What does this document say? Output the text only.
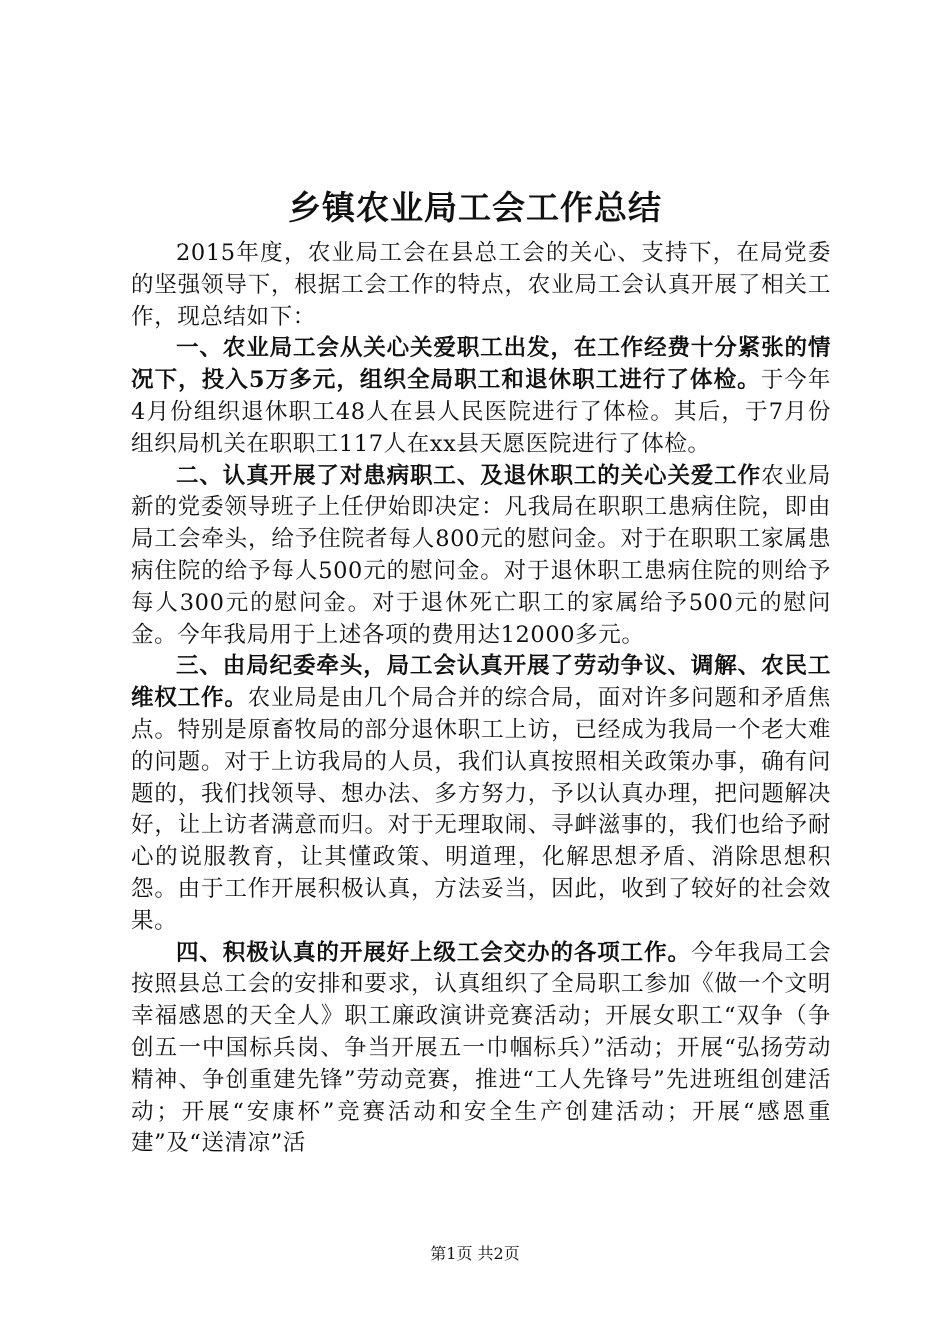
乡镇农业局工会工作总结

2015年度，农业局工会在县总工会的关心、支持下，在局党委的坚强领导下，根据工会工作的特点，农业局工会认真开展了相关工作，现总结如下：

一、农业局工会从关心关爱职工出发，在工作经费十分紧张的情况下，投入5万多元，组织全局职工和退休职工进行了体检。于今年4月份组织退休职工48人在县人民医院进行了体检。其后，于7月份组织局机关在职职工117人在xx县天愿医院进行了体检。

二、认真开展了对患病职工、及退休职工的关心关爱工作农业局新的党委领导班子上任伊始即决定：凡我局在职职工患病住院，即由局工会牵头，给予住院者每人800元的慰问金。对于在职职工家属患病住院的给予每人500元的慰问金。对于退休职工患病住院的则给予每人300元的慰问金。对于退休死亡职工的家属给予500元的慰问金。今年我局用于上述各项的费用达12000多元。

三、由局纪委牵头，局工会认真开展了劳动争议、调解、农民工维权工作。农业局是由几个局合并的综合局，面对许多问题和矛盾焦点。特别是原畜牧局的部分退休职工上访，已经成为我局一个老大难的问题。对于上访我局的人员，我们认真按照相关政策办事，确有问题的，我们找领导、想办法、多方努力，予以认真办理，把问题解决好，让上访者满意而归。对于无理取闹、寻衅滋事的，我们也给予耐心的说服教育，让其懂政策、明道理，化解思想矛盾、消除思想积怨。由于工作开展积极认真，方法妥当，因此，收到了较好的社会效果。

四、积极认真的开展好上级工会交办的各项工作。今年我局工会按照县总工会的安排和要求，认真组织了全局职工参加《做一个文明幸福感恩的天全人》职工廉政演讲竞赛活动；开展女职工“双争（争创五一中国标兵岗、争当开展五一巾帼标兵）”活动；开展“弘扬劳动精神、争创重建先锋”劳动竞赛，推进“工人先锋号”先进班组创建活动；开展“安康杯”竞赛活动和安全生产创建活动；开展“感恩重建”及“送清凉”活

第1页 共2页
